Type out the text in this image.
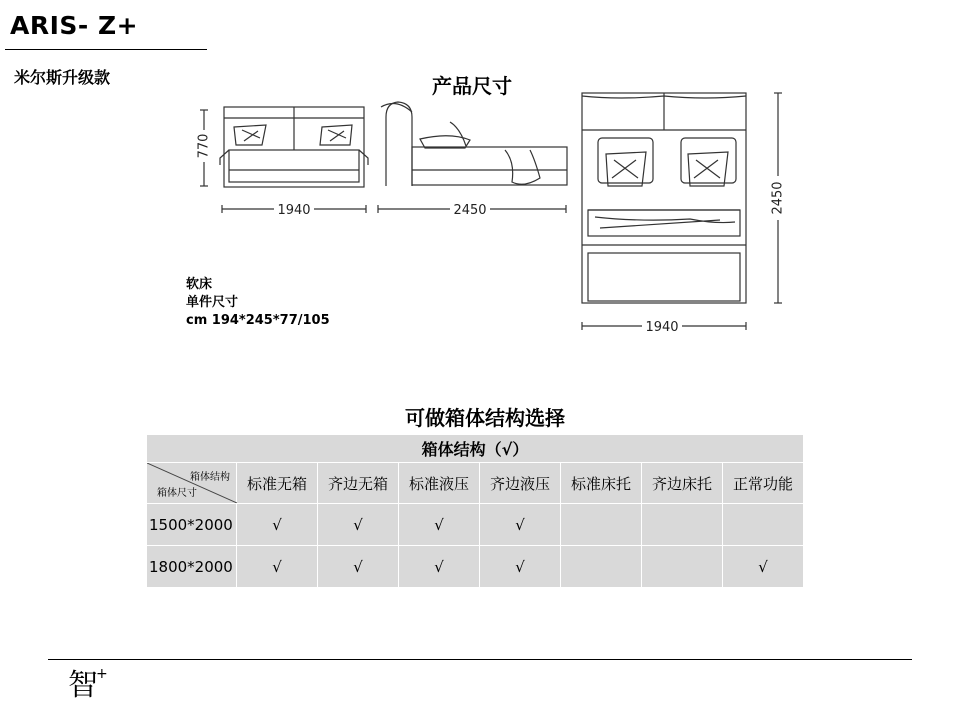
ARIS- Z+
米尔斯升级款	产品尺寸
1940
770
2450	2450
1940
软床
单件尺寸
cm 194*245*77/105
可做箱体结构选择
箱体结构（√）							

箱体结构
箱体尺寸	标准无箱	齐边无箱	标准液压	齐边液压	标准床托	齐边床托	正常功能
1500*2000	√	√	√	√			
1800*2000	√	√	√	√			√
智+
